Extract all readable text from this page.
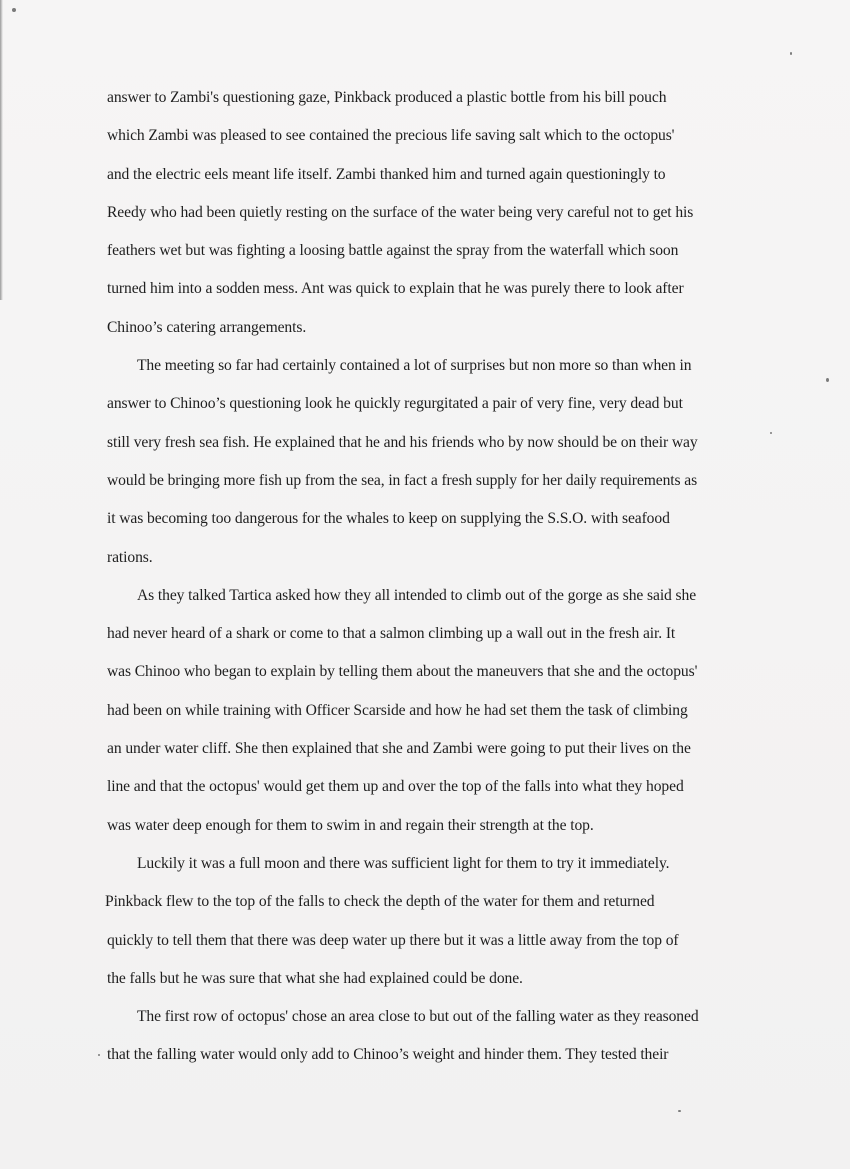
answer to Zambi's questioning gaze, Pinkback produced a plastic bottle from his bill pouch
which Zambi was pleased to see contained the precious life saving salt which to the octopus'
and the electric eels meant life itself. Zambi thanked him and turned again questioningly to
Reedy who had been quietly resting on the surface of the water being very careful not to get his
feathers wet but was fighting a loosing battle against the spray from the waterfall which soon
turned him into a sodden mess. Ant was quick to explain that he was purely there to look after
Chinoo’s catering arrangements.
The meeting so far had certainly contained a lot of surprises but non more so than when in
answer to Chinoo’s questioning look he quickly regurgitated a pair of very fine, very dead but
still very fresh sea fish. He explained that he and his friends who by now should be on their way
would be bringing more fish up from the sea, in fact a fresh supply for her daily requirements as
it was becoming too dangerous for the whales to keep on supplying the S.S.O. with seafood
rations.
As they talked Tartica asked how they all intended to climb out of the gorge as she said she
had never heard of a shark or come to that a salmon climbing up a wall out in the fresh air. It
was Chinoo who began to explain by telling them about the maneuvers that she and the octopus'
had been on while training with Officer Scarside and how he had set them the task of climbing
an under water cliff. She then explained that she and Zambi were going to put their lives on the
line and that the octopus' would get them up and over the top of the falls into what they hoped
was water deep enough for them to swim in and regain their strength at the top.
Luckily it was a full moon and there was sufficient light for them to try it immediately.
Pinkback flew to the top of the falls to check the depth of the water for them and returned
quickly to tell them that there was deep water up there but it was a little away from the top of
the falls but he was sure that what she had explained could be done.
The first row of octopus' chose an area close to but out of the falling water as they reasoned
that the falling water would only add to Chinoo’s weight and hinder them. They tested their
